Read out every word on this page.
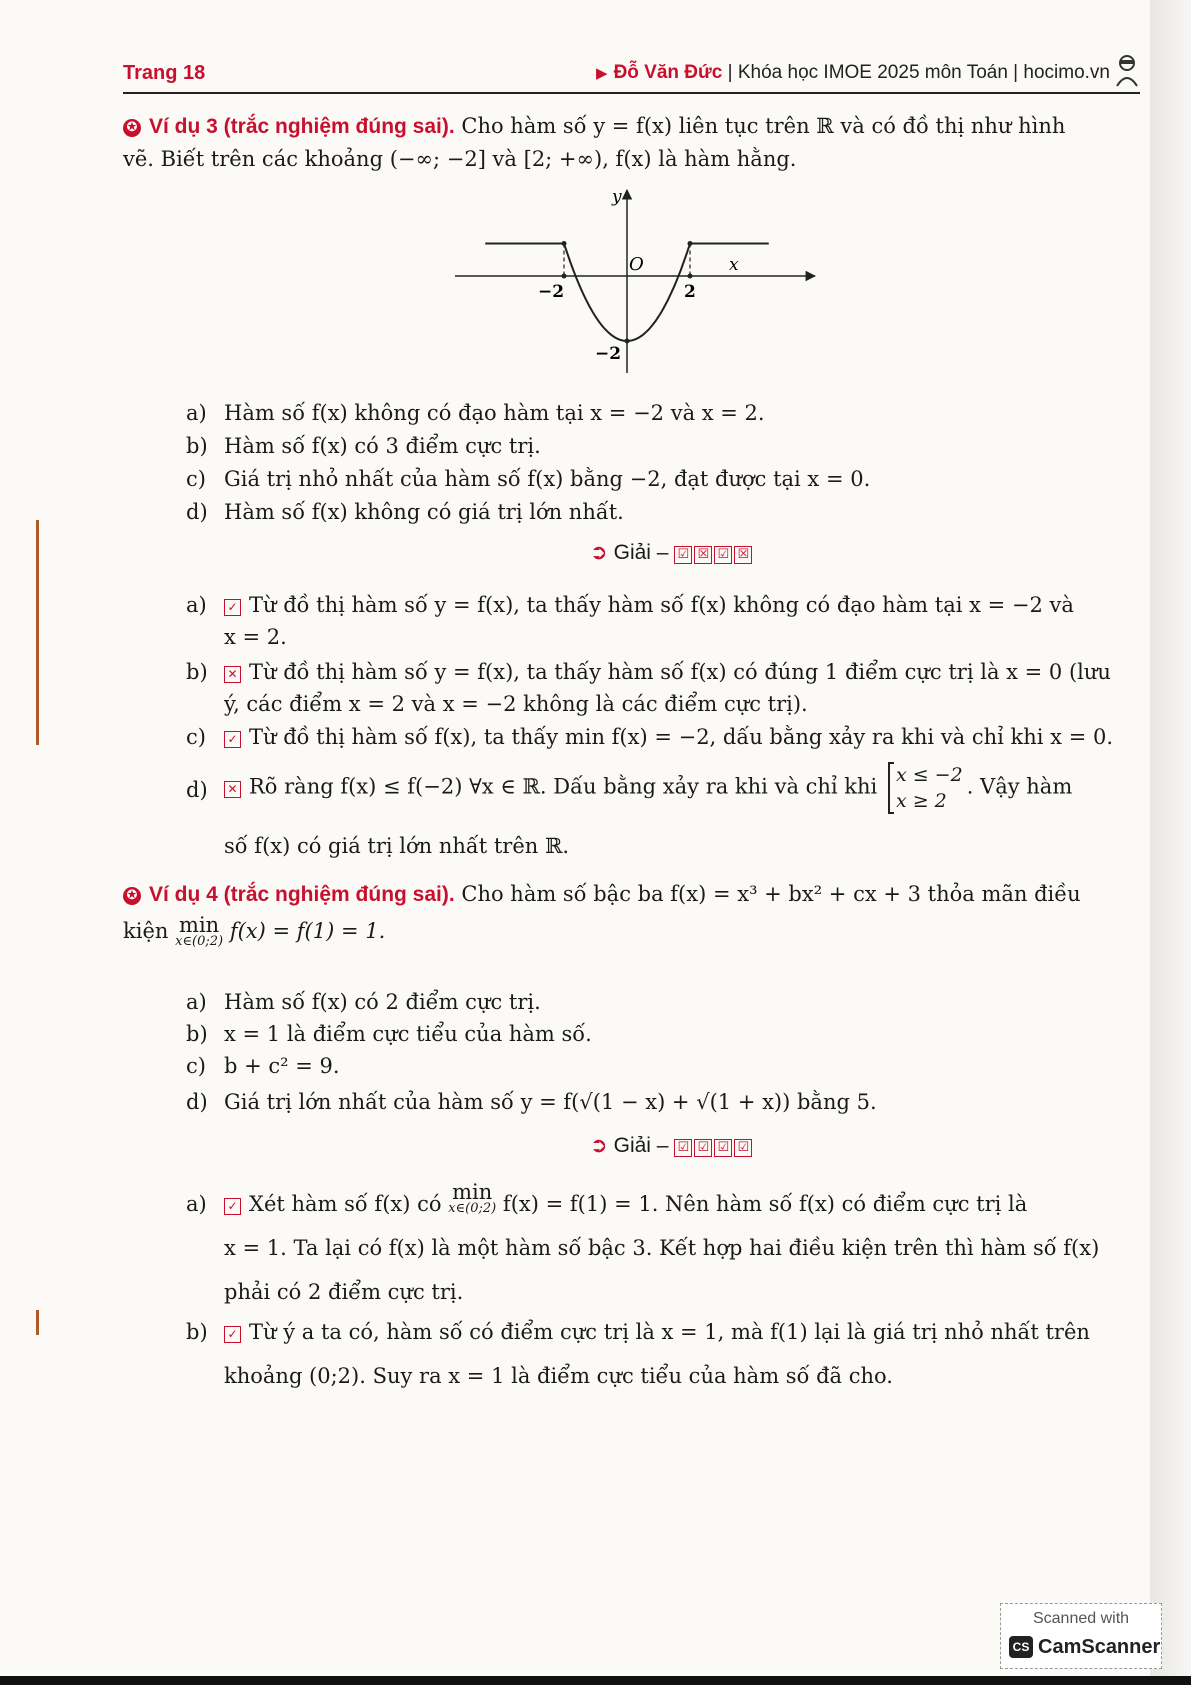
Trang 18	▶ Đỗ Văn Đức | Khóa học IMOE 2025 môn Toán | hocimo.vn
✪ Ví dụ 3 (trắc nghiệm đúng sai). Cho hàm số y = f(x) liên tục trên ℝ và có đồ thị như hình
vẽ. Biết trên các khoảng (−∞; −2] và [2; +∞), f(x) là hàm hằng.
y
x
O
−2	2
−2
a) Hàm số f(x) không có đạo hàm tại x = −2 và x = 2.
b) Hàm số f(x) có 3 điểm cực trị.
c) Giá trị nhỏ nhất của hàm số f(x) bằng −2, đạt được tại x = 0.
d) Hàm số f(x) không có giá trị lớn nhất.
➲ Giải – ☑ ☒ ☑ ☒
a) ✓ Từ đồ thị hàm số y = f(x), ta thấy hàm số f(x) không có đạo hàm tại x = −2 và
x = 2.
b) ✕ Từ đồ thị hàm số y = f(x), ta thấy hàm số f(x) có đúng 1 điểm cực trị là x = 0 (lưu
ý, các điểm x = 2 và x = −2 không là các điểm cực trị).
c) ✓ Từ đồ thị hàm số f(x), ta thấy min f(x) = −2, dấu bằng xảy ra khi và chỉ khi x = 0.
d) ✕ Rõ ràng f(x) ≤ f(−2) ∀x ∈ ℝ. Dấu bằng xảy ra khi và chỉ khi x ≤ −2
x ≥ 2. Vậy hàm
số f(x) có giá trị lớn nhất trên ℝ.
✪ Ví dụ 4 (trắc nghiệm đúng sai). Cho hàm số bậc ba f(x) = x³ + bx² + cx + 3 thỏa mãn điều
kiện min
x∈(0;2) f(x) = f(1) = 1.
a) Hàm số f(x) có 2 điểm cực trị.
b) x = 1 là điểm cực tiểu của hàm số.
c) b + c² = 9.
d) Giá trị lớn nhất của hàm số y = f(√(1 − x) + √(1 + x)) bằng 5.
➲ Giải – ☑ ☑ ☑ ☑
a) ✓ Xét hàm số f(x) có min
x∈(0;2) f(x) = f(1) = 1. Nên hàm số f(x) có điểm cực trị là
x = 1. Ta lại có f(x) là một hàm số bậc 3. Kết hợp hai điều kiện trên thì hàm số f(x)
phải có 2 điểm cực trị.
b) ✓ Từ ý a ta có, hàm số có điểm cực trị là x = 1, mà f(1) lại là giá trị nhỏ nhất trên
khoảng (0;2). Suy ra x = 1 là điểm cực tiểu của hàm số đã cho.
Scanned with
CS CamScanner
